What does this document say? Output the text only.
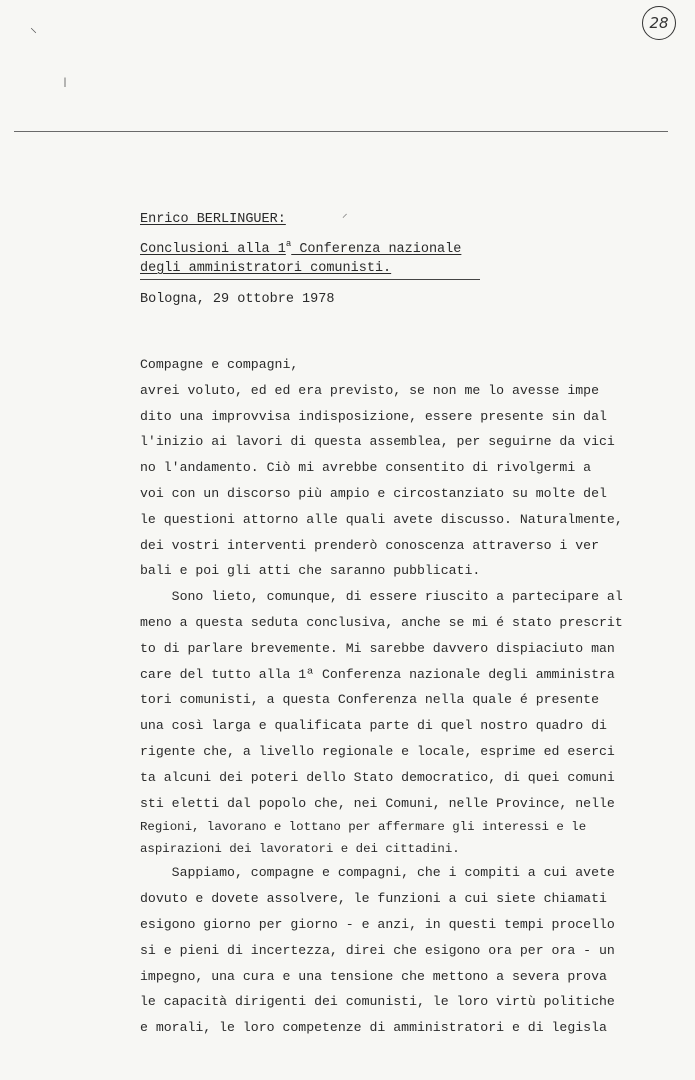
28
⸜
|
⸝
Enrico BERLINGUER:
Conclusioni alla 1$^a$ Conferenza nazionale
degli amministratori comunisti.
Bologna, 29 ottobre 1978
Compagne e compagni,
avrei voluto, ed ed era previsto, se non me lo avesse impe
dito una improvvisa indisposizione, essere presente sin dal
l'inizio ai lavori di questa assemblea, per seguirne da vici
no l'andamento. Ciò mi avrebbe consentito di rivolgermi a
voi con un discorso più ampio e circostanziato su molte del
le questioni attorno alle quali avete discusso. Naturalmente,
dei vostri interventi prenderò conoscenza attraverso i ver
bali e poi gli atti che saranno pubblicati.
Sono lieto, comunque, di essere riuscito a partecipare al
meno a questa seduta conclusiva, anche se mi é stato prescrit
to di parlare brevemente. Mi sarebbe davvero dispiaciuto man
care del tutto alla 1ª Conferenza nazionale degli amministra
tori comunisti, a questa Conferenza nella quale é presente
una così larga e qualificata parte di quel nostro quadro di
rigente che, a livello regionale e locale, esprime ed eserci
ta alcuni dei poteri dello Stato democratico, di quei comuni
sti eletti dal popolo che, nei Comuni, nelle Province, nelle
Regioni, lavorano e lottano per affermare gli interessi e le
aspirazioni dei lavoratori e dei cittadini.
Sappiamo, compagne e compagni, che i compiti a cui avete
dovuto e dovete assolvere, le funzioni a cui siete chiamati
esigono giorno per giorno - e anzi, in questi tempi procello
si e pieni di incertezza, direi che esigono ora per ora - un
impegno, una cura e una tensione che mettono a severa prova
le capacità dirigenti dei comunisti, le loro virtù politiche
e morali, le loro competenze di amministratori e di legisla
